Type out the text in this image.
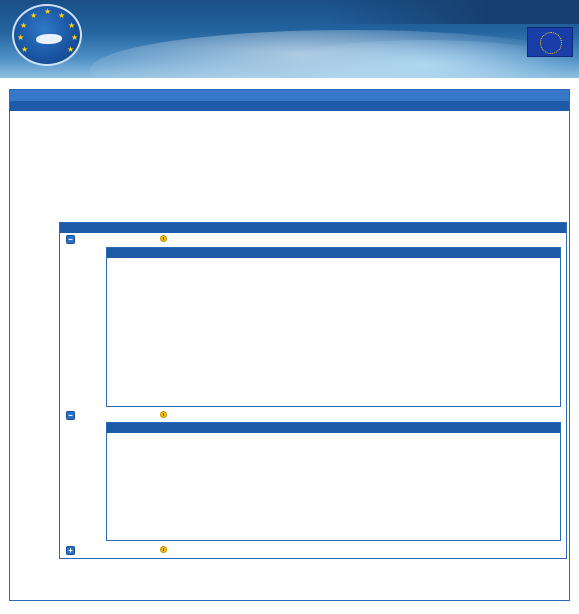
★ ★
★
★
★
★
★
★
★
−
−
+
